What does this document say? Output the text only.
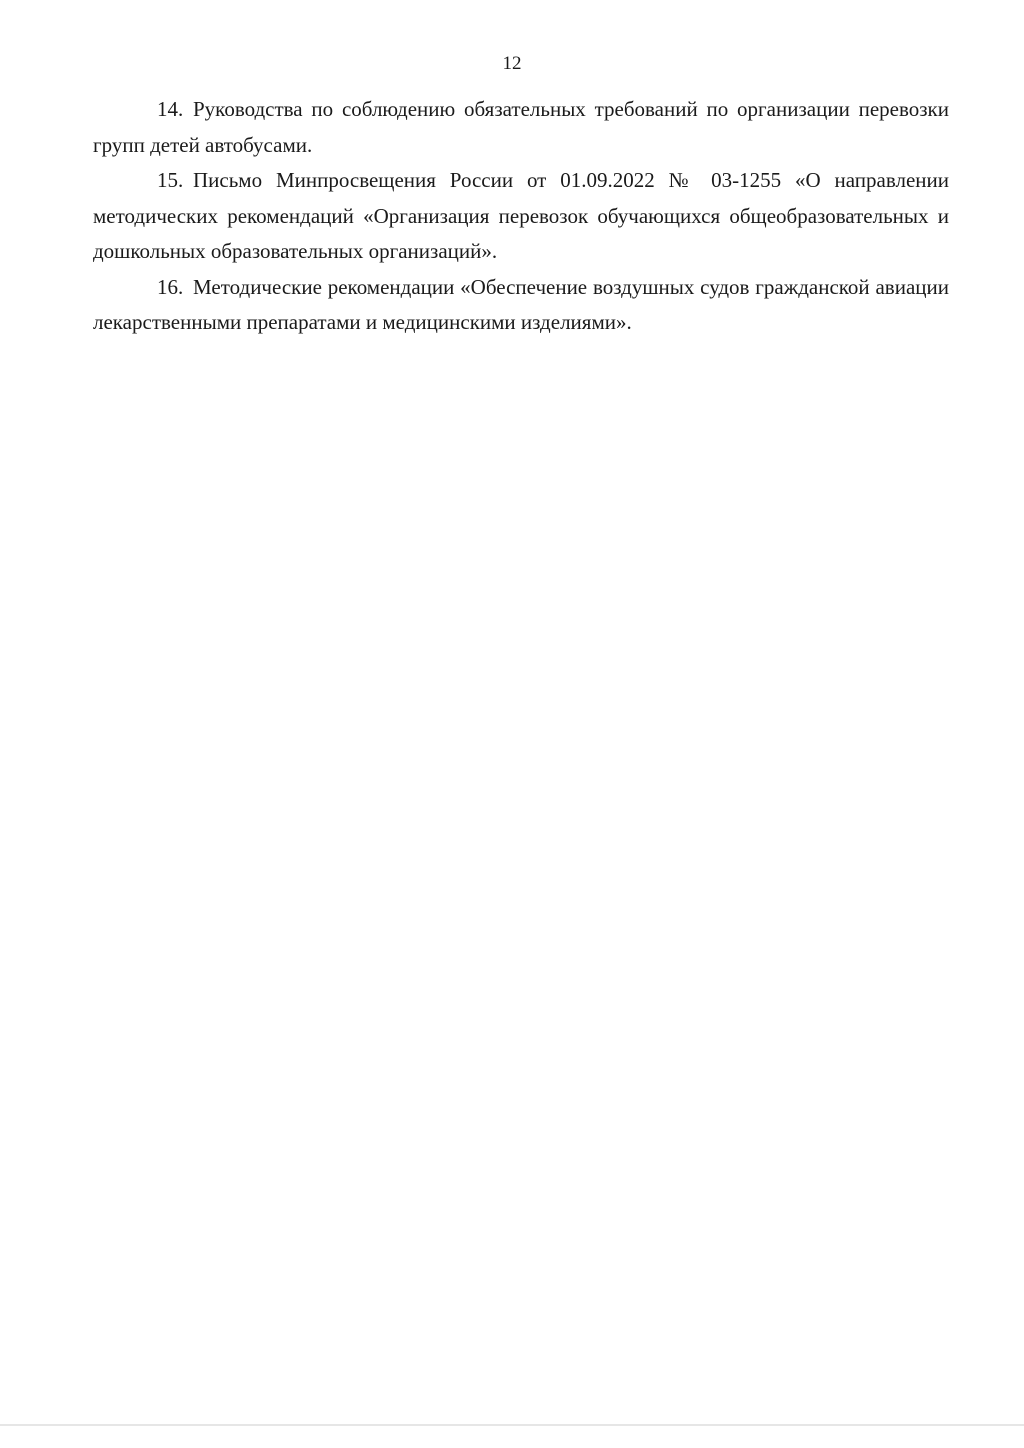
12

14. Руководства по соблюдению обязательных требований по организации перевозки групп детей автобусами.

15. Письмо Минпросвещения России от 01.09.2022 № 03-1255 «О направлении методических рекомендаций «Организация перевозок обучающихся общеобразовательных и дошкольных образовательных организаций».

16. Методические рекомендации «Обеспечение воздушных судов гражданской авиации лекарственными препаратами и медицинскими изделиями».
